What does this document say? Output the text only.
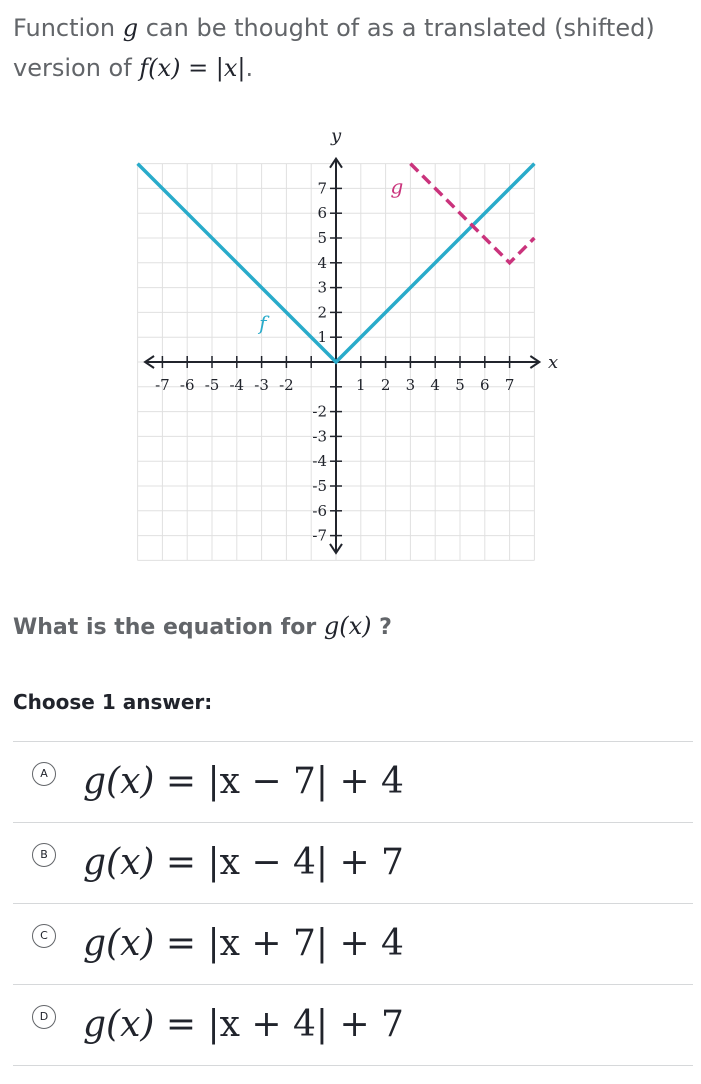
Function g can be thought of as a translated (shifted)
version of f(x) = |x|.

-7 -6 -5 -4 -3 -2	1 2 3 4 5 6 7
1
2
3
4
5
6
7
-2
-3
-4
-5
-6
-7
f
g
x
y

What is the equation for g(x) ?

Choose 1 answer:

A g(x) = |x − 7| + 4
B g(x) = |x − 4| + 7
C g(x) = |x + 7| + 4
D g(x) = |x + 4| + 7
